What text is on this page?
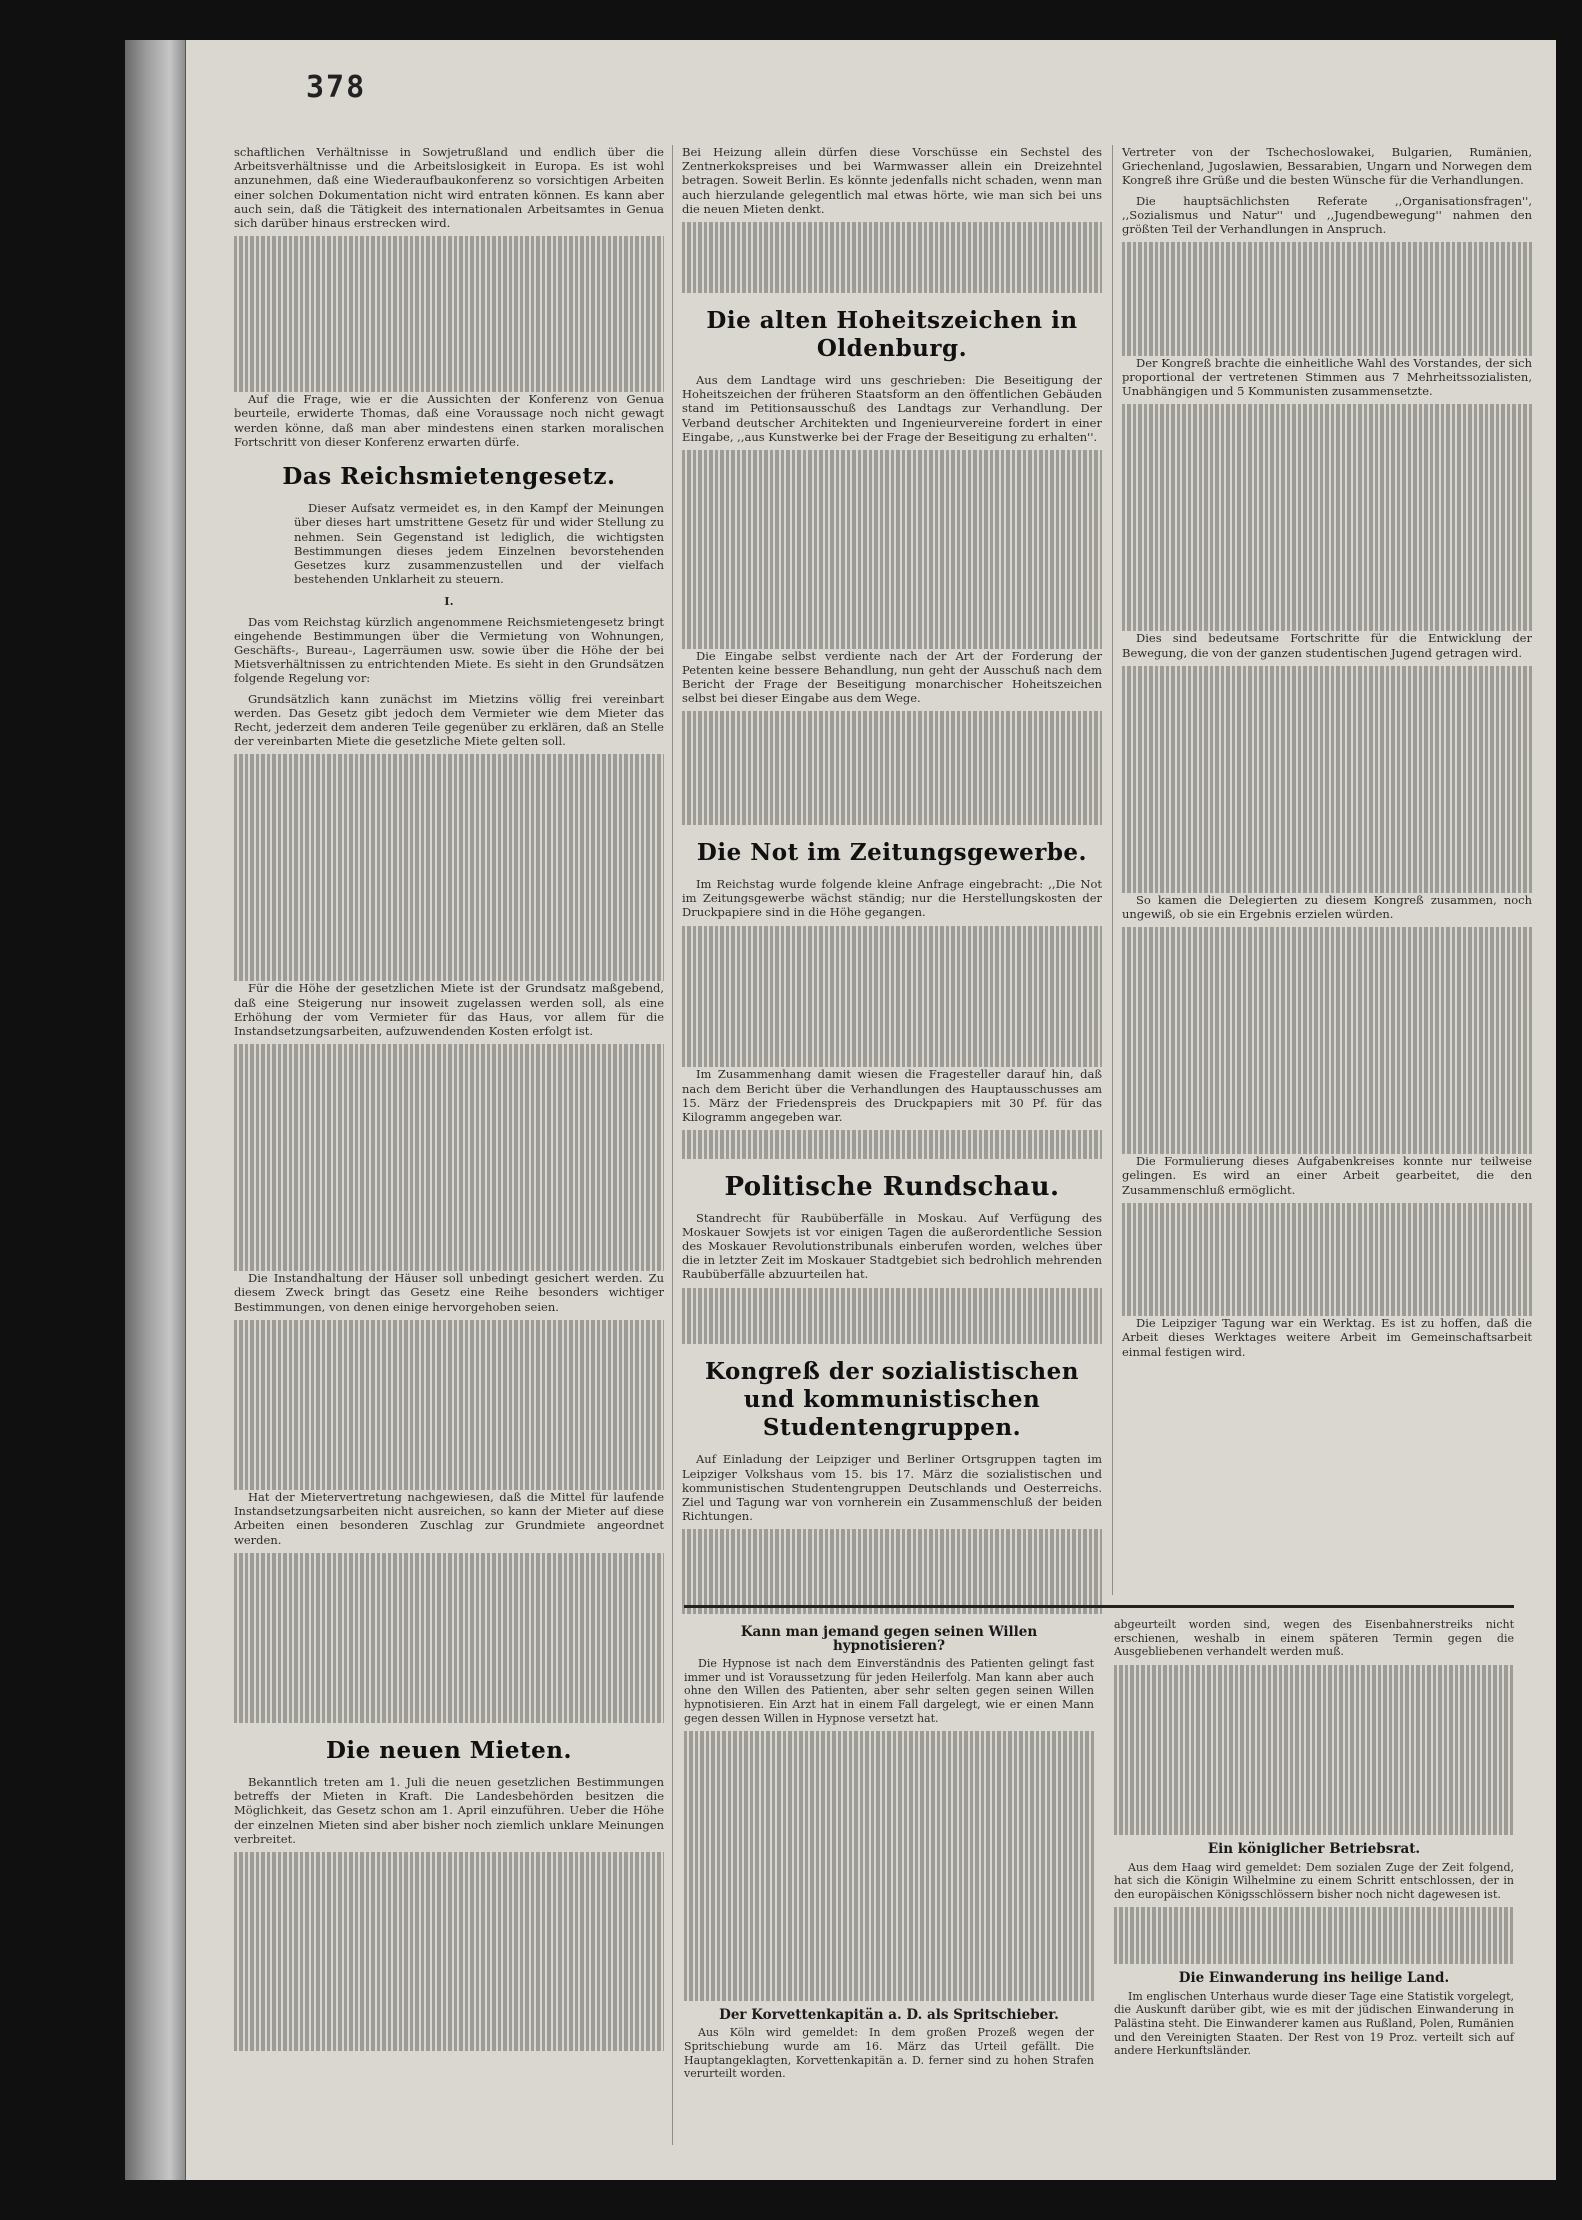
378

schaftlichen Verhältnisse in Sowjetrußland und endlich über die Arbeitsverhältnisse und die Arbeitslosigkeit in Europa. Es ist wohl anzunehmen, daß eine Wiederaufbaukonferenz so vorsichtigen Arbeiten einer solchen Dokumentation nicht wird entraten können. Es kann aber auch sein, daß die Tätigkeit des internationalen Arbeitsamtes in Genua sich darüber hinaus erstrecken wird.

Auf die Frage, wie er die Aussichten der Konferenz von Genua beurteile, erwiderte Thomas, daß eine Voraussage noch nicht gewagt werden könne, daß man aber mindestens einen starken moralischen Fortschritt von dieser Konferenz erwarten dürfe.

Das Reichsmietengesetz.

Dieser Aufsatz vermeidet es, in den Kampf der Meinungen über dieses hart umstrittene Gesetz für und wider Stellung zu nehmen. Sein Gegenstand ist lediglich, die wichtigsten Bestimmungen dieses jedem Einzelnen bevorstehenden Gesetzes kurz zusammenzustellen und der vielfach bestehenden Unklarheit zu steuern.

I.

Das vom Reichstag kürzlich angenommene Reichsmietengesetz bringt eingehende Bestimmungen über die Vermietung von Wohnungen, Geschäfts-, Bureau-, Lagerräumen usw. sowie über die Höhe der bei Mietsverhältnissen zu entrichtenden Miete. Es sieht in den Grundsätzen folgende Regelung vor:

Grundsätzlich kann zunächst im Mietzins völlig frei vereinbart werden. Das Gesetz gibt jedoch dem Vermieter wie dem Mieter das Recht, jederzeit dem anderen Teile gegenüber zu erklären, daß an Stelle der vereinbarten Miete die gesetzliche Miete gelten soll.

Für die Höhe der gesetzlichen Miete ist der Grundsatz maßgebend, daß eine Steigerung nur insoweit zugelassen werden soll, als eine Erhöhung der vom Vermieter für das Haus, vor allem für die Instandsetzungsarbeiten, aufzuwendenden Kosten erfolgt ist.

Die Instandhaltung der Häuser soll unbedingt gesichert werden. Zu diesem Zweck bringt das Gesetz eine Reihe besonders wichtiger Bestimmungen, von denen einige hervorgehoben seien.

Hat der Mietervertretung nachgewiesen, daß die Mittel für laufende Instandsetzungsarbeiten nicht ausreichen, so kann der Mieter auf diese Arbeiten einen besonderen Zuschlag zur Grundmiete angeordnet werden.

Die neuen Mieten.

Bekanntlich treten am 1. Juli die neuen gesetzlichen Bestimmungen betreffs der Mieten in Kraft. Die Landesbehörden besitzen die Möglichkeit, das Gesetz schon am 1. April einzuführen. Ueber die Höhe der einzelnen Mieten sind aber bisher noch ziemlich unklare Meinungen verbreitet.

Bei Heizung allein dürfen diese Vorschüsse ein Sechstel des Zentnerkokspreises und bei Warmwasser allein ein Dreizehntel betragen. Soweit Berlin. Es könnte jedenfalls nicht schaden, wenn man auch hierzulande gelegentlich mal etwas hörte, wie man sich bei uns die neuen Mieten denkt.

Die alten Hoheitszeichen in Oldenburg.

Aus dem Landtage wird uns geschrieben: Die Beseitigung der Hoheitszeichen der früheren Staatsform an den öffentlichen Gebäuden stand im Petitionsausschuß des Landtags zur Verhandlung. Der Verband deutscher Architekten und Ingenieurvereine fordert in einer Eingabe, ,,aus Kunstwerke bei der Frage der Beseitigung zu erhalten''.

Die Eingabe selbst verdiente nach der Art der Forderung der Petenten keine bessere Behandlung, nun geht der Ausschuß nach dem Bericht der Frage der Beseitigung monarchischer Hoheitszeichen selbst bei dieser Eingabe aus dem Wege.

Die Not im Zeitungsgewerbe.

Im Reichstag wurde folgende kleine Anfrage eingebracht: ,,Die Not im Zeitungsgewerbe wächst ständig; nur die Herstellungskosten der Druckpapiere sind in die Höhe gegangen.

Im Zusammenhang damit wiesen die Fragesteller darauf hin, daß nach dem Bericht über die Verhandlungen des Hauptausschusses am 15. März der Friedenspreis des Druckpapiers mit 30 Pf. für das Kilogramm angegeben war.

Politische Rundschau.

Standrecht für Raubüberfälle in Moskau. Auf Verfügung des Moskauer Sowjets ist vor einigen Tagen die außerordentliche Session des Moskauer Revolutionstribunals einberufen worden, welches über die in letzter Zeit im Moskauer Stadtgebiet sich bedrohlich mehrenden Raubüberfälle abzuurteilen hat.

Kongreß der sozialistischen und kommunistischen Studentengruppen.

Auf Einladung der Leipziger und Berliner Ortsgruppen tagten im Leipziger Volkshaus vom 15. bis 17. März die sozialistischen und kommunistischen Studentengruppen Deutschlands und Oesterreichs. Ziel und Tagung war von vornherein ein Zusammenschluß der beiden Richtungen.

Vertreter von der Tschechoslowakei, Bulgarien, Rumänien, Griechenland, Jugoslawien, Bessarabien, Ungarn und Norwegen dem Kongreß ihre Grüße und die besten Wünsche für die Verhandlungen.

Die hauptsächlichsten Referate ,,Organisationsfragen'', ,,Sozialismus und Natur'' und ,,Jugendbewegung'' nahmen den größten Teil der Verhandlungen in Anspruch.

Der Kongreß brachte die einheitliche Wahl des Vorstandes, der sich proportional der vertretenen Stimmen aus 7 Mehrheitssozialisten, Unabhängigen und 5 Kommunisten zusammensetzte.

Dies sind bedeutsame Fortschritte für die Entwicklung der Bewegung, die von der ganzen studentischen Jugend getragen wird.

So kamen die Delegierten zu diesem Kongreß zusammen, noch ungewiß, ob sie ein Ergebnis erzielen würden.

Die Formulierung dieses Aufgabenkreises konnte nur teilweise gelingen. Es wird an einer Arbeit gearbeitet, die den Zusammenschluß ermöglicht.

Die Leipziger Tagung war ein Werktag. Es ist zu hoffen, daß die Arbeit dieses Werktages weitere Arbeit im Gemeinschaftsarbeit einmal festigen wird.

Kann man jemand gegen seinen Willen hypnotisieren?

Die Hypnose ist nach dem Einverständnis des Patienten gelingt fast immer und ist Voraussetzung für jeden Heilerfolg. Man kann aber auch ohne den Willen des Patienten, aber sehr selten gegen seinen Willen hypnotisieren. Ein Arzt hat in einem Fall dargelegt, wie er einen Mann gegen dessen Willen in Hypnose versetzt hat.

Der Korvettenkapitän a. D. als Spritschieber.

Aus Köln wird gemeldet: In dem großen Prozeß wegen der Spritschiebung wurde am 16. März das Urteil gefällt. Die Hauptangeklagten, Korvettenkapitän a. D. ferner sind zu hohen Strafen verurteilt worden.

abgeurteilt worden sind, wegen des Eisenbahnerstreiks nicht erschienen, weshalb in einem späteren Termin gegen die Ausgebliebenen verhandelt werden muß.

Ein königlicher Betriebsrat.

Aus dem Haag wird gemeldet: Dem sozialen Zuge der Zeit folgend, hat sich die Königin Wilhelmine zu einem Schritt entschlossen, der in den europäischen Königsschlössern bisher noch nicht dagewesen ist.

Die Einwanderung ins heilige Land.

Im englischen Unterhaus wurde dieser Tage eine Statistik vorgelegt, die Auskunft darüber gibt, wie es mit der jüdischen Einwanderung in Palästina steht. Die Einwanderer kamen aus Rußland, Polen, Rumänien und den Vereinigten Staaten. Der Rest von 19 Proz. verteilt sich auf andere Herkunftsländer.
